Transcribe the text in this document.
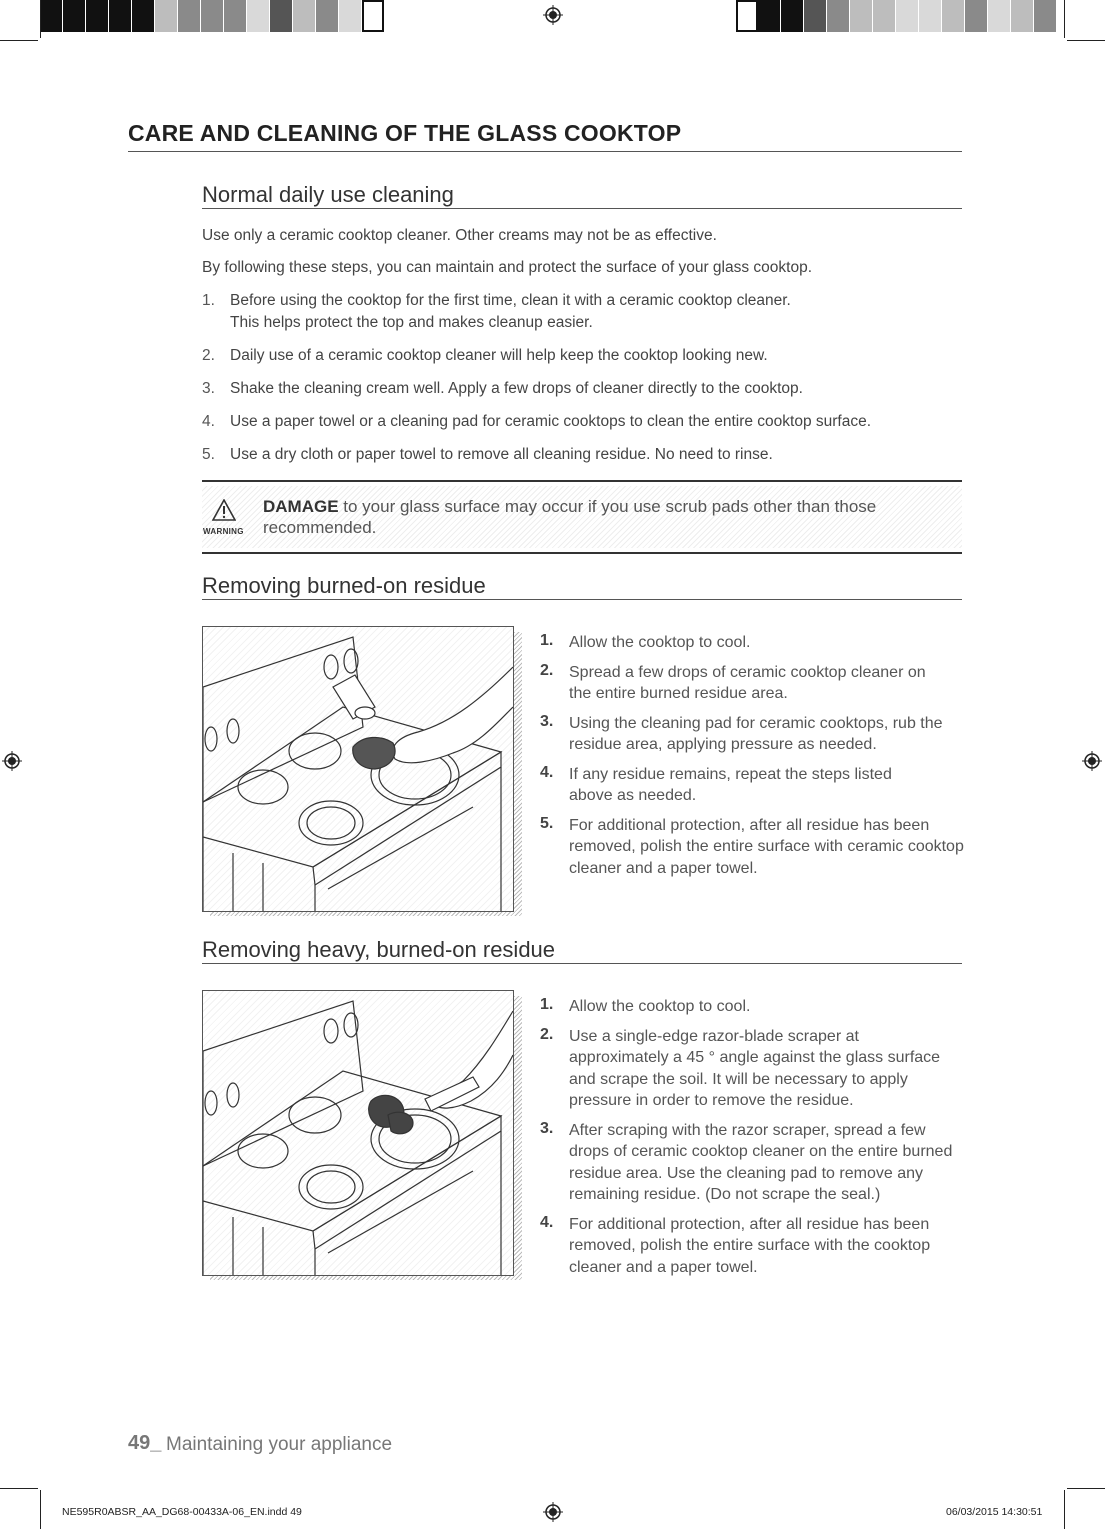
CARE AND CLEANING OF THE GLASS COOKTOP
Normal daily use cleaning
Use only a ceramic cooktop cleaner. Other creams may not be as effective.
By following these steps, you can maintain and protect the surface of your glass cooktop.
1. Before using the cooktop for the first time, clean it with a ceramic cooktop cleaner.
This helps protect the top and makes cleanup easier.
2. Daily use of a ceramic cooktop cleaner will help keep the cooktop looking new.
3. Shake the cleaning cream well. Apply a few drops of cleaner directly to the cooktop.
4. Use a paper towel or a cleaning pad for ceramic cooktops to clean the entire cooktop surface.
5. Use a dry cloth or paper towel to remove all cleaning residue. No need to rinse.
WARNING
DAMAGE to your glass surface may occur if you use scrub pads other than those recommended.
Removing burned-on residue
1. Allow the cooktop to cool.
2. Spread a few drops of ceramic cooktop cleaner on the entire burned residue area.
3. Using the cleaning pad for ceramic cooktops, rub the residue area, applying pressure as needed.
4. If any residue remains, repeat the steps listed above as needed.
5. For additional protection, after all residue has been removed, polish the entire surface with ceramic cooktop cleaner and a paper towel.
Removing heavy, burned-on residue
1. Allow the cooktop to cool.
2. Use a single-edge razor-blade scraper at approximately a 45 ° angle against the glass surface and scrape the soil. It will be necessary to apply pressure in order to remove the residue.
3. After scraping with the razor scraper, spread a few drops of ceramic cooktop cleaner on the entire burned residue area. Use the cleaning pad to remove any remaining residue. (Do not scrape the seal.)
4. For additional protection, after all residue has been removed, polish the entire surface with the cooktop cleaner and a paper towel.
49_ Maintaining your appliance
NE595R0ABSR_AA_DG68-00433A-06_EN.indd 49	06/03/2015 14:30:51
